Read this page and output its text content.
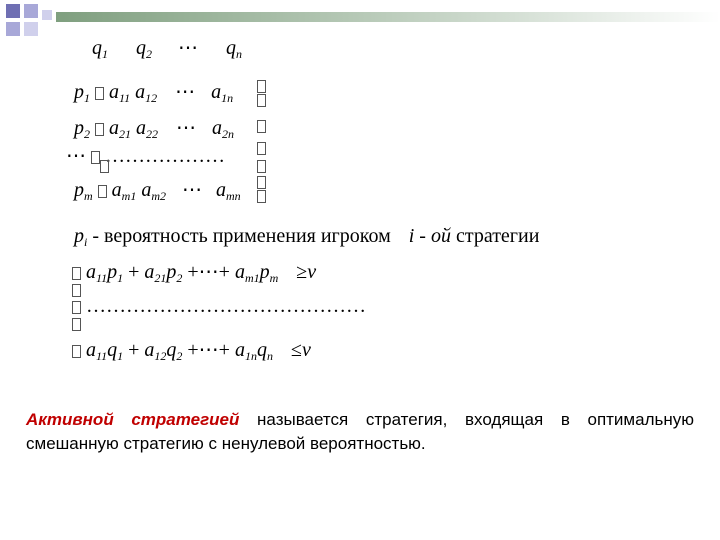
$q_1$ $q_2$ ⋯ $q_n$
$p_1$ $a_{11}$ $a_{12}$ ⋯ $a_{1n}$
$p_2$ $a_{21}$ $a_{22}$ ⋯ $a_{2n}$
⋯ ………………
$p_m$ $a_{m1}$ $a_{m2}$ ⋯ $a_{mn}$
$p_i$ - вероятность применения игроком i - ой стратегии
$a_{11}p_1 + a_{21}p_2$ +⋯+ $a_{m1}p_m \ge v$
……………………………………
$a_{11}q_1 + a_{12}q_2$ +⋯+ $a_{1n}q_n \le v$
Активной стратегией называется стратегия, входящая в оптимальную смешанную стратегию с ненулевой вероятностью.
